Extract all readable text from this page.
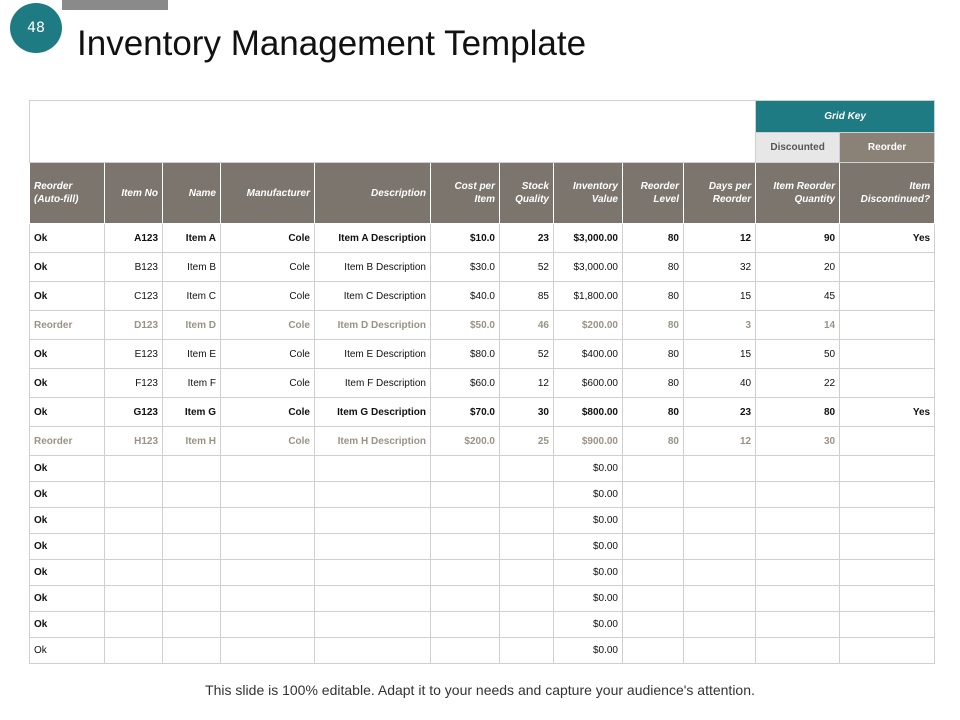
48 Inventory Management Template
										Grid Key	
										Discounted	Reorder
Reorder (Auto-fill)	Item No	Name	Manufacturer	Description	Cost per Item	Stock Quality	Inventory Value	Reorder Level	Days per Reorder	Item Reorder Quantity	Item Discontinued?
Ok	A123	Item A	Cole	Item A Description	$10.0	23	$3,000.00	80	12	90	Yes
Ok	B123	Item B	Cole	Item B Description	$30.0	52	$3,000.00	80	32	20	
Ok	C123	Item C	Cole	Item C Description	$40.0	85	$1,800.00	80	15	45	
Reorder	D123	Item D	Cole	Item D Description	$50.0	46	$200.00	80	3	14	
Ok	E123	Item E	Cole	Item E Description	$80.0	52	$400.00	80	15	50	
Ok	F123	Item F	Cole	Item F Description	$60.0	12	$600.00	80	40	22	
Ok	G123	Item G	Cole	Item G Description	$70.0	30	$800.00	80	23	80	Yes
Reorder	H123	Item H	Cole	Item H Description	$200.0	25	$900.00	80	12	30	
Ok							$0.00				
Ok							$0.00				
Ok							$0.00				
Ok							$0.00				
Ok							$0.00				
Ok							$0.00				
Ok							$0.00				
Ok							$0.00				
This slide is 100% editable. Adapt it to your needs and capture your audience's attention.
